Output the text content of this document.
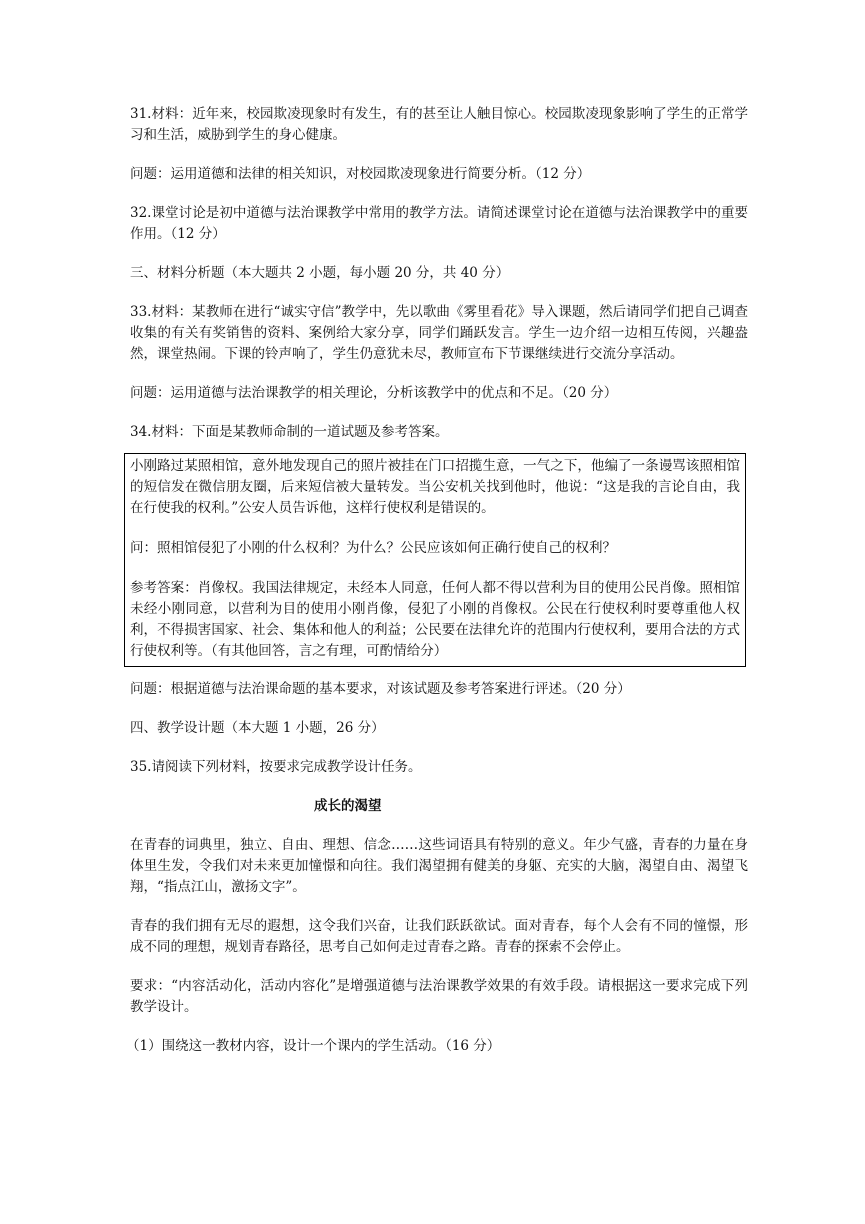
31.材料：近年来，校园欺凌现象时有发生，有的甚至让人触目惊心。校园欺凌现象影响了学生的正常学习和生活，威胁到学生的身心健康。

问题：运用道德和法律的相关知识，对校园欺凌现象进行简要分析。（12 分）

32.课堂讨论是初中道德与法治课教学中常用的教学方法。请简述课堂讨论在道德与法治课教学中的重要作用。（12 分）

三、材料分析题（本大题共 2 小题，每小题 20 分，共 40 分）

33.材料：某教师在进行“诚实守信”教学中，先以歌曲《雾里看花》导入课题，然后请同学们把自己调查收集的有关有奖销售的资料、案例给大家分享，同学们踊跃发言。学生一边介绍一边相互传阅，兴趣盎然，课堂热闹。下课的铃声响了，学生仍意犹未尽，教师宣布下节课继续进行交流分享活动。

问题：运用道德与法治课教学的相关理论，分析该教学中的优点和不足。（20 分）

34.材料：下面是某教师命制的一道试题及参考答案。

小刚路过某照相馆，意外地发现自己的照片被挂在门口招揽生意，一气之下，他编了一条谩骂该照相馆的短信发在微信朋友圈，后来短信被大量转发。当公安机关找到他时，他说：“这是我的言论自由，我在行使我的权利。”公安人员告诉他，这样行使权利是错误的。

问：照相馆侵犯了小刚的什么权利？为什么？公民应该如何正确行使自己的权利？

参考答案：肖像权。我国法律规定，未经本人同意，任何人都不得以营利为目的使用公民肖像。照相馆未经小刚同意，以营利为目的使用小刚肖像，侵犯了小刚的肖像权。公民在行使权利时要尊重他人权利，不得损害国家、社会、集体和他人的利益；公民要在法律允许的范围内行使权利，要用合法的方式行使权利等。（有其他回答，言之有理，可酌情给分）

问题：根据道德与法治课命题的基本要求，对该试题及参考答案进行评述。（20 分）

四、教学设计题（本大题 1 小题，26 分）

35.请阅读下列材料，按要求完成教学设计任务。

成长的渴望

在青春的词典里，独立、自由、理想、信念……这些词语具有特别的意义。年少气盛，青春的力量在身体里生发，令我们对未来更加憧憬和向往。我们渴望拥有健美的身躯、充实的大脑，渴望自由、渴望飞翔，“指点江山，激扬文字”。

青春的我们拥有无尽的遐想，这令我们兴奋，让我们跃跃欲试。面对青春，每个人会有不同的憧憬，形成不同的理想，规划青春路径，思考自己如何走过青春之路。青春的探索不会停止。

要求：“内容活动化，活动内容化”是增强道德与法治课教学效果的有效手段。请根据这一要求完成下列教学设计。

（1）围绕这一教材内容，设计一个课内的学生活动。（16 分）
